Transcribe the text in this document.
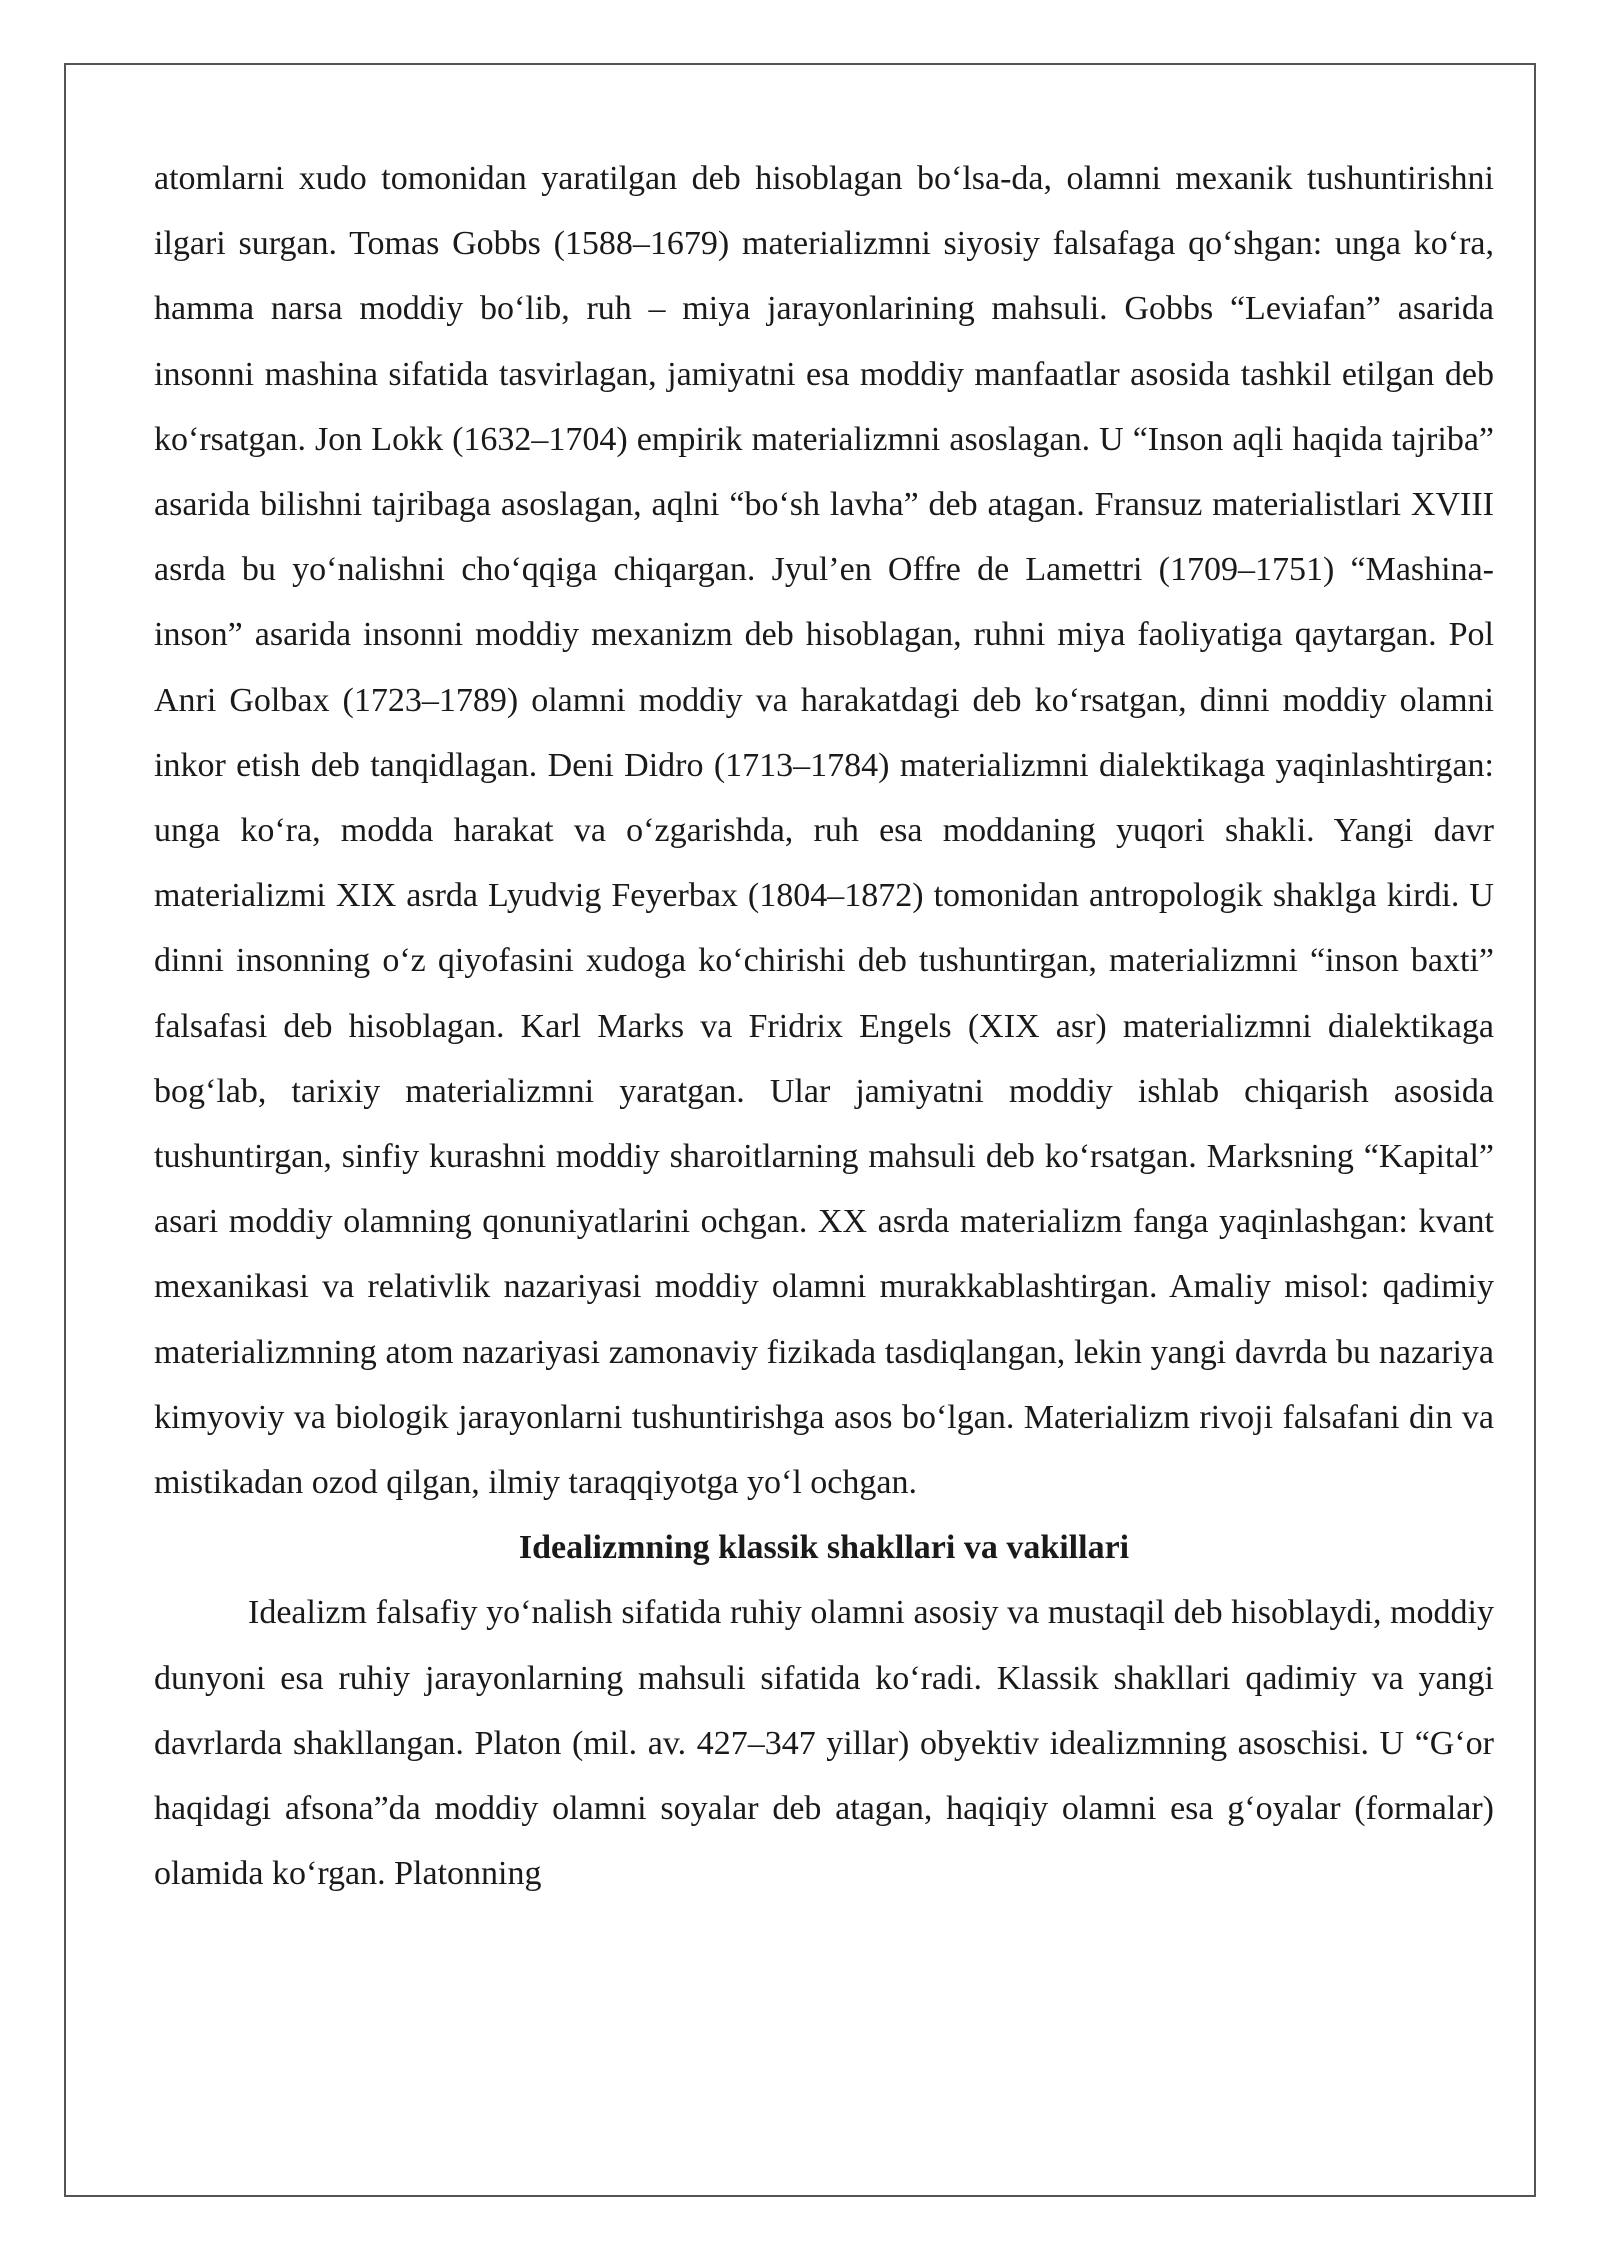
atomlarni xudo tomonidan yaratilgan deb hisoblagan bo‘lsa-da, olamni mexanik tushuntirishni ilgari surgan. Tomas Gobbs (1588–1679) materializmni siyosiy falsafaga qo‘shgan: unga ko‘ra, hamma narsa moddiy bo‘lib, ruh – miya jarayonlarining mahsuli. Gobbs “Leviafan” asarida insonni mashina sifatida tasvirlagan, jamiyatni esa moddiy manfaatlar asosida tashkil etilgan deb ko‘rsatgan. Jon Lokk (1632–1704) empirik materializmni asoslagan. U “Inson aqli haqida tajriba” asarida bilishni tajribaga asoslagan, aqlni “bo‘sh lavha” deb atagan. Fransuz materialistlari XVIII asrda bu yo‘nalishni cho‘qqiga chiqargan. Jyul’en Offre de Lamettri (1709–1751) “Mashina-inson” asarida insonni moddiy mexanizm deb hisoblagan, ruhni miya faoliyatiga qaytargan. Pol Anri Golbax (1723–1789) olamni moddiy va harakatdagi deb ko‘rsatgan, dinni moddiy olamni inkor etish deb tanqidlagan. Deni Didro (1713–1784) materializmni dialektikaga yaqinlashtirgan: unga ko‘ra, modda harakat va o‘zgarishda, ruh esa moddaning yuqori shakli. Yangi davr materializmi XIX asrda Lyudvig Feyerbax (1804–1872) tomonidan antropologik shaklga kirdi. U dinni insonning o‘z qiyofasini xudoga ko‘chirishi deb tushuntirgan, materializmni “inson baxti” falsafasi deb hisoblagan. Karl Marks va Fridrix Engels (XIX asr) materializmni dialektikaga bog‘lab, tarixiy materializmni yaratgan. Ular jamiyatni moddiy ishlab chiqarish asosida tushuntirgan, sinfiy kurashni moddiy sharoitlarning mahsuli deb ko‘rsatgan. Marksning “Kapital” asari moddiy olamning qonuniyatlarini ochgan. XX asrda materializm fanga yaqinlashgan: kvant mexanikasi va relativlik nazariyasi moddiy olamni murakkablashtirgan. Amaliy misol: qadimiy materializmning atom nazariyasi zamonaviy fizikada tasdiqlangan, lekin yangi davrda bu nazariya kimyoviy va biologik jarayonlarni tushuntirishga asos bo‘lgan. Materializm rivoji falsafani din va mistikadan ozod qilgan, ilmiy taraqqiyotga yo‘l ochgan.

Idealizmning klassik shakllari va vakillari

Idealizm falsafiy yo‘nalish sifatida ruhiy olamni asosiy va mustaqil deb hisoblaydi, moddiy dunyoni esa ruhiy jarayonlarning mahsuli sifatida ko‘radi. Klassik shakllari qadimiy va yangi davrlarda shakllangan. Platon (mil. av. 427–347 yillar) obyektiv idealizmning asoschisi. U “G‘or haqidagi afsona”da moddiy olamni soyalar deb atagan, haqiqiy olamni esa g‘oyalar (formalar) olamida ko‘rgan. Platonning
